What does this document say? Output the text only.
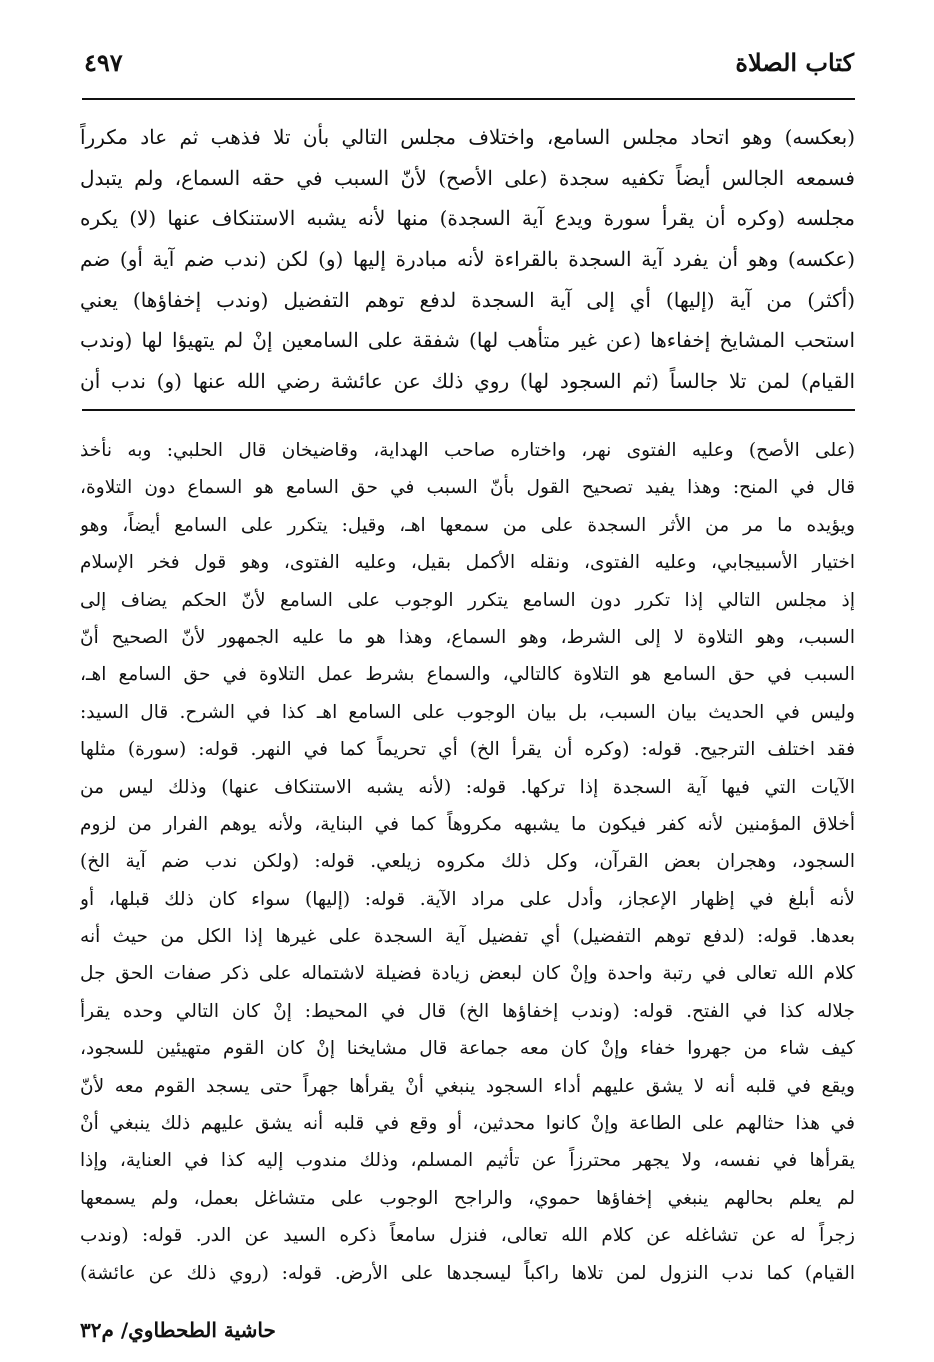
كتاب الصلاة
٤٩٧
(بعكسه) وهو اتحاد مجلس السامع، واختلاف مجلس التالي بأن تلا فذهب ثم عاد مكرراً
فسمعه الجالس أيضاً تكفيه سجدة (على الأصح) لأنّ السبب في حقه السماع، ولم يتبدل
مجلسه (وكره أن يقرأ سورة ويدع آية السجدة) منها لأنه يشبه الاستنكاف عنها (لا) يكره
(عكسه) وهو أن يفرد آية السجدة بالقراءة لأنه مبادرة إليها (و) لكن (ندب ضم آية أو) ضم
(أكثر) من آية (إليها) أي إلى آية السجدة لدفع توهم التفضيل (وندب إخفاؤها) يعني
استحب المشايخ إخفاءها (عن غير متأهب لها) شفقة على السامعين إنْ لم يتهيؤا لها (وندب
القيام) لمن تلا جالساً (ثم السجود لها) روي ذلك عن عائشة رضي الله عنها (و) ندب أن
(على الأصح) وعليه الفتوى نهر، واختاره صاحب الهداية، وقاضيخان قال الحلبي: وبه نأخذ
قال في المنح: وهذا يفيد تصحيح القول بأنّ السبب في حق السامع هو السماع دون التلاوة،
ويؤيده ما مر من الأثر السجدة على من سمعها اهـ، وقيل: يتكرر على السامع أيضاً، وهو
اختيار الأسبيجابي، وعليه الفتوى، ونقله الأكمل بقيل، وعليه الفتوى، وهو قول فخر الإسلام
إذ مجلس التالي إذا تكرر دون السامع يتكرر الوجوب على السامع لأنّ الحكم يضاف إلى
السبب، وهو التلاوة لا إلى الشرط، وهو السماع، وهذا هو ما عليه الجمهور لأنّ الصحيح أنّ
السبب في حق السامع هو التلاوة كالتالي، والسماع بشرط عمل التلاوة في حق السامع اهـ،
وليس في الحديث بيان السبب، بل بيان الوجوب على السامع اهـ كذا في الشرح. قال السيد:
فقد اختلف الترجيح. قوله: (وكره أن يقرأ الخ) أي تحريماً كما في النهر. قوله: (سورة) مثلها
الآيات التي فيها آية السجدة إذا تركها. قوله: (لأنه يشبه الاستنكاف عنها) وذلك ليس من
أخلاق المؤمنين لأنه كفر فيكون ما يشبهه مكروهاً كما في البناية، ولأنه يوهم الفرار من لزوم
السجود، وهجران بعض القرآن، وكل ذلك مكروه زيلعي. قوله: (ولكن ندب ضم آية الخ)
لأنه أبلغ في إظهار الإعجاز، وأدل على مراد الآية. قوله: (إليها) سواء كان ذلك قبلها، أو
بعدها. قوله: (لدفع توهم التفضيل) أي تفضيل آية السجدة على غيرها إذا الكل من حيث أنه
كلام الله تعالى في رتبة واحدة وإنْ كان لبعض زيادة فضيلة لاشتماله على ذكر صفات الحق جل
جلاله كذا في الفتح. قوله: (وندب إخفاؤها الخ) قال في المحيط: إنْ كان التالي وحده يقرأ
كيف شاء من جهروا خفاء وإنْ كان معه جماعة قال مشايخنا إنْ كان القوم متهيئين للسجود،
ويقع في قلبه أنه لا يشق عليهم أداء السجود ينبغي أنْ يقرأها جهراً حتى يسجد القوم معه لأنّ
في هذا حثالهم على الطاعة وإنْ كانوا محدثين، أو وقع في قلبه أنه يشق عليهم ذلك ينبغي أنْ
يقرأها في نفسه، ولا يجهر محترزاً عن تأثيم المسلم، وذلك مندوب إليه كذا في العناية، وإذا
لم يعلم بحالهم ينبغي إخفاؤها حموي، والراجح الوجوب على متشاغل بعمل، ولم يسمعها
زجراً له عن تشاغله عن كلام الله تعالى، فنزل سامعاً ذكره السيد عن الدر. قوله: (وندب
القيام) كما ندب النزول لمن تلاها راكباً ليسجدها على الأرض. قوله: (روي ذلك عن عائشة)
حاشية الطحطاوي/ م٣٢
